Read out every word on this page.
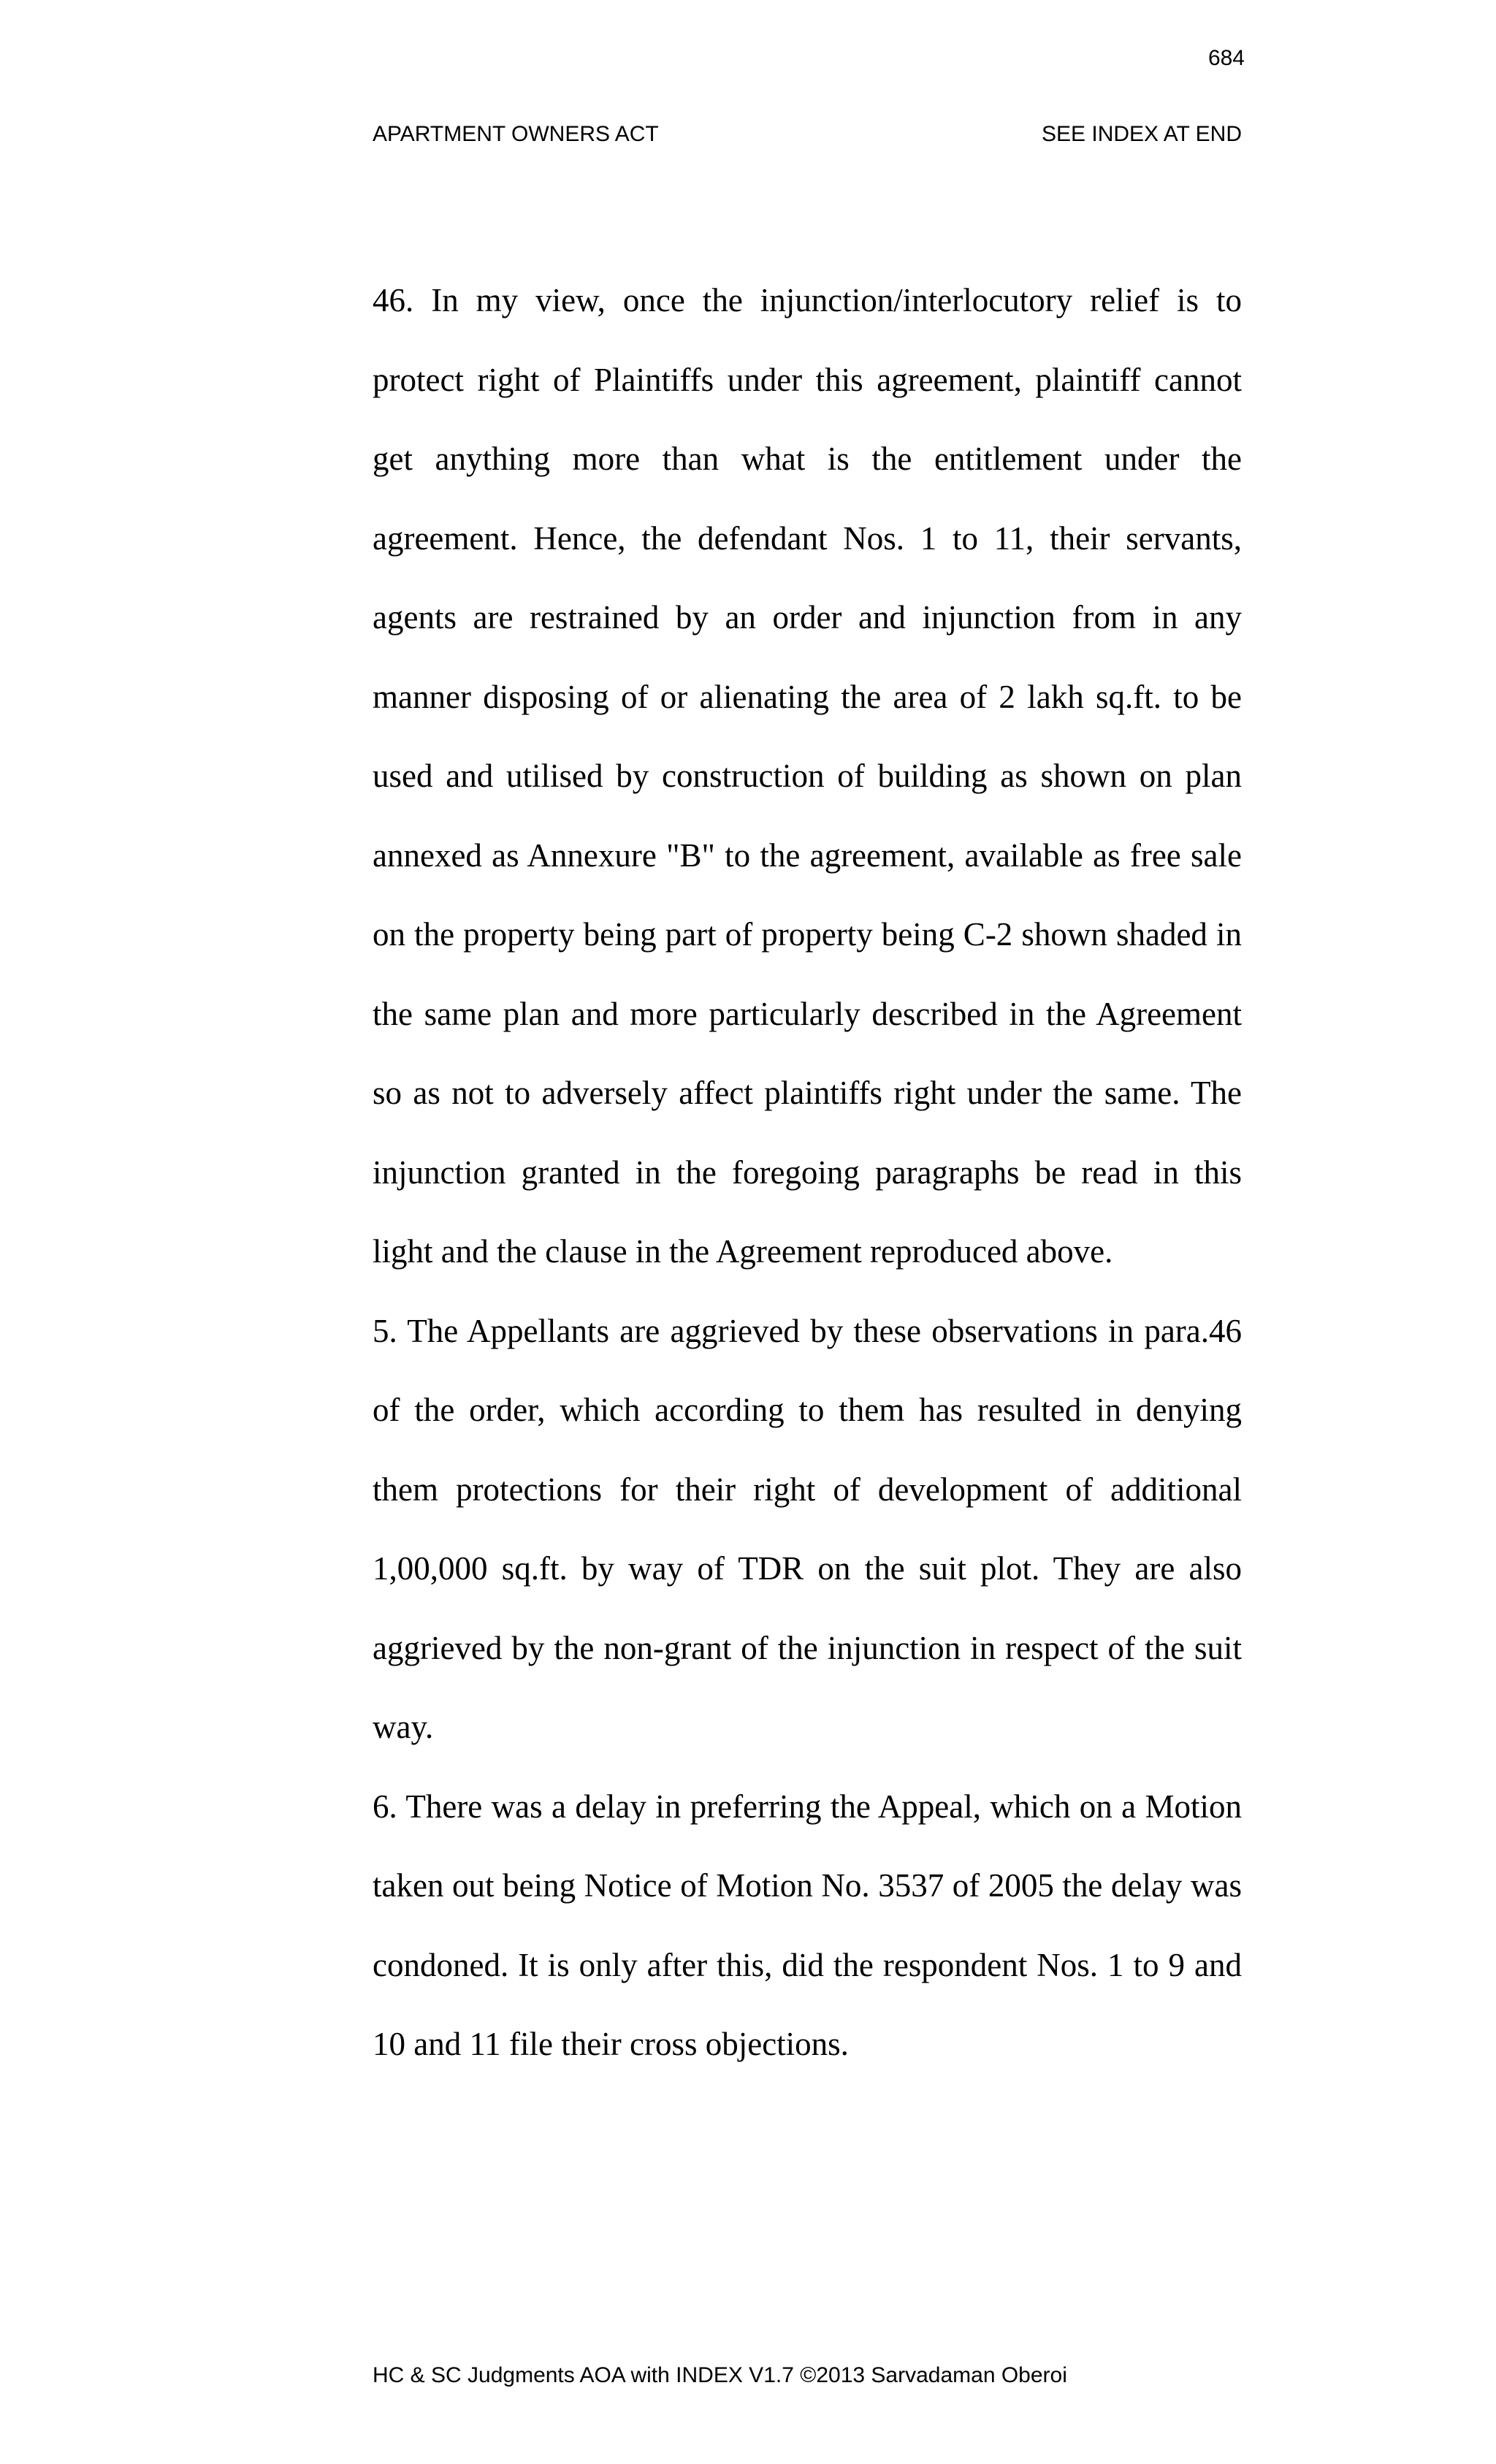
684
APARTMENT OWNERS ACT	SEE INDEX AT END

46. In my view, once the injunction/interlocutory relief is to protect right of Plaintiffs under this agreement, plaintiff cannot get anything more than what is the entitlement under the agreement. Hence, the defendant Nos. 1 to 11, their servants, agents are restrained by an order and injunction from in any manner disposing of or alienating the area of 2 lakh sq.ft. to be used and utilised by construction of building as shown on plan annexed as Annexure "B" to the agreement, available as free sale on the property being part of property being C-2 shown shaded in the same plan and more particularly described in the Agreement so as not to adversely affect plaintiffs right under the same. The injunction granted in the foregoing paragraphs be read in this light and the clause in the Agreement reproduced above.

5. The Appellants are aggrieved by these observations in para.46 of the order, which according to them has resulted in denying them protections for their right of development of additional 1,00,000 sq.ft. by way of TDR on the suit plot. They are also aggrieved by the non-grant of the injunction in respect of the suit way.

6. There was a delay in preferring the Appeal, which on a Motion taken out being Notice of Motion No. 3537 of 2005 the delay was condoned. It is only after this, did the respondent Nos. 1 to 9 and 10 and 11 file their cross objections.

HC & SC Judgments AOA with INDEX V1.7 ©2013 Sarvadaman Oberoi
